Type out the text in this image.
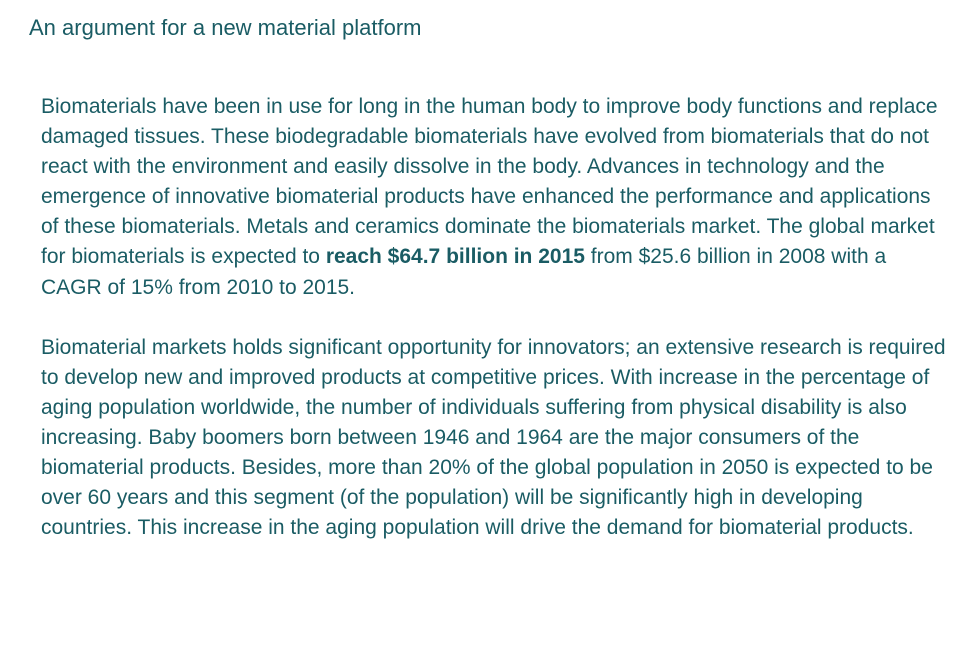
An argument for a new material platform

Biomaterials have been in use for long in the human body to improve body functions and replace damaged tissues. These biodegradable biomaterials have evolved from biomaterials that do not react with the environment and easily dissolve in the body. Advances in technology and the emergence of innovative biomaterial products have enhanced the performance and applications of these biomaterials. Metals and ceramics dominate the biomaterials market. The global market for biomaterials is expected to reach $64.7 billion in 2015 from $25.6 billion in 2008 with a CAGR of 15% from 2010 to 2015.

Biomaterial markets holds significant opportunity for innovators; an extensive research is required to develop new and improved products at competitive prices. With increase in the percentage of aging population worldwide, the number of individuals suffering from physical disability is also increasing. Baby boomers born between 1946 and 1964 are the major consumers of the biomaterial products. Besides, more than 20% of the global population in 2050 is expected to be over 60 years and this segment (of the population) will be significantly high in developing countries. This increase in the aging population will drive the demand for biomaterial products.
